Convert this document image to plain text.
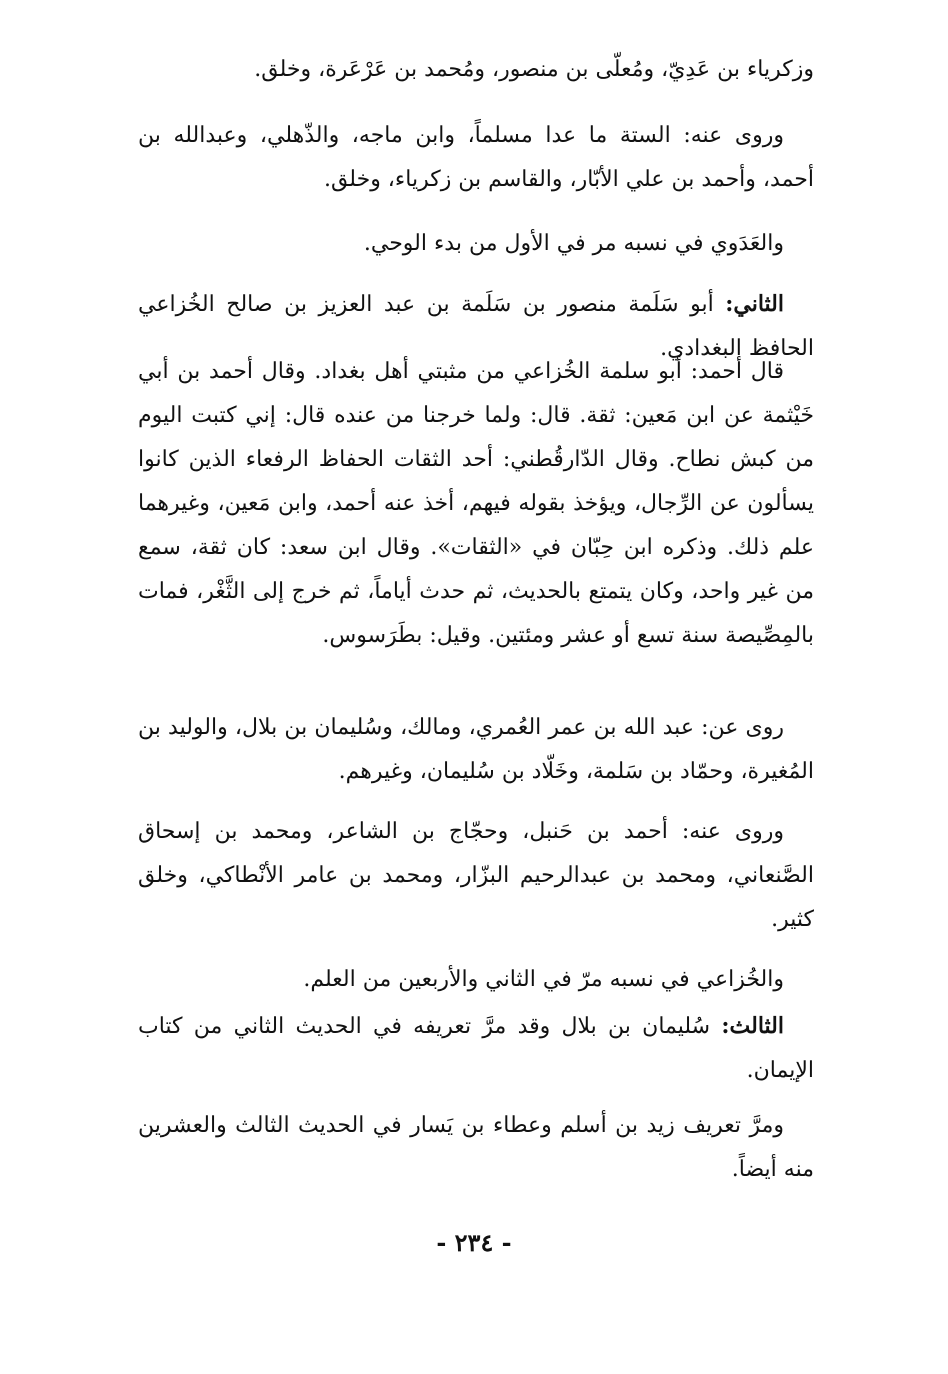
وزكرياء بن عَدِيّ، ومُعلّى بن منصور، ومُحمد بن عَرْعَرة، وخلق.

وروى عنه: الستة ما عدا مسلماً، وابن ماجه، والذّهلي، وعبدالله بن أحمد، وأحمد بن علي الأبّار، والقاسم بن زكرياء، وخلق.

والعَدَوي في نسبه مر في الأول من بدء الوحي.

الثاني: أبو سَلَمة منصور بن سَلَمة بن عبد العزيز بن صالح الخُزاعي الحافظ البغدادي.

قال أحمد: أبو سلمة الخُزاعي من مثبتي أهل بغداد. وقال أحمد بن أبي خَيْثمة عن ابن مَعين: ثقة. قال: ولما خرجنا من عنده قال: إني كتبت اليوم من كبش نطاح. وقال الدّارقُطني: أحد الثقات الحفاظ الرفعاء الذين كانوا يسألون عن الرِّجال، ويؤخذ بقوله فيهم، أخذ عنه أحمد، وابن مَعين، وغيرهما علم ذلك. وذكره ابن حِبّان في «الثقات». وقال ابن سعد: كان ثقة، سمع من غير واحد، وكان يتمتع بالحديث، ثم حدث أياماً، ثم خرج إلى الثَّغْر، فمات بالمِصِّيصة سنة تسع أو عشر ومئتين. وقيل: بطَرَسوس.

روى عن: عبد الله بن عمر العُمري، ومالك، وسُليمان بن بلال، والوليد بن المُغيرة، وحمّاد بن سَلمة، وخَلّاد بن سُليمان، وغيرهم.

وروى عنه: أحمد بن حَنبل، وحجّاج بن الشاعر، ومحمد بن إسحاق الصَّنعاني، ومحمد بن عبدالرحيم البزّار، ومحمد بن عامر الأنْطاكي، وخلق كثير.

والخُزاعي في نسبه مرّ في الثاني والأربعين من العلم.

الثالث: سُليمان بن بلال وقد مرَّ تعريفه في الحديث الثاني من كتاب الإيمان.

ومرَّ تعريف زيد بن أسلم وعطاء بن يَسار في الحديث الثالث والعشرين منه أيضاً.

- ٢٣٤ -
